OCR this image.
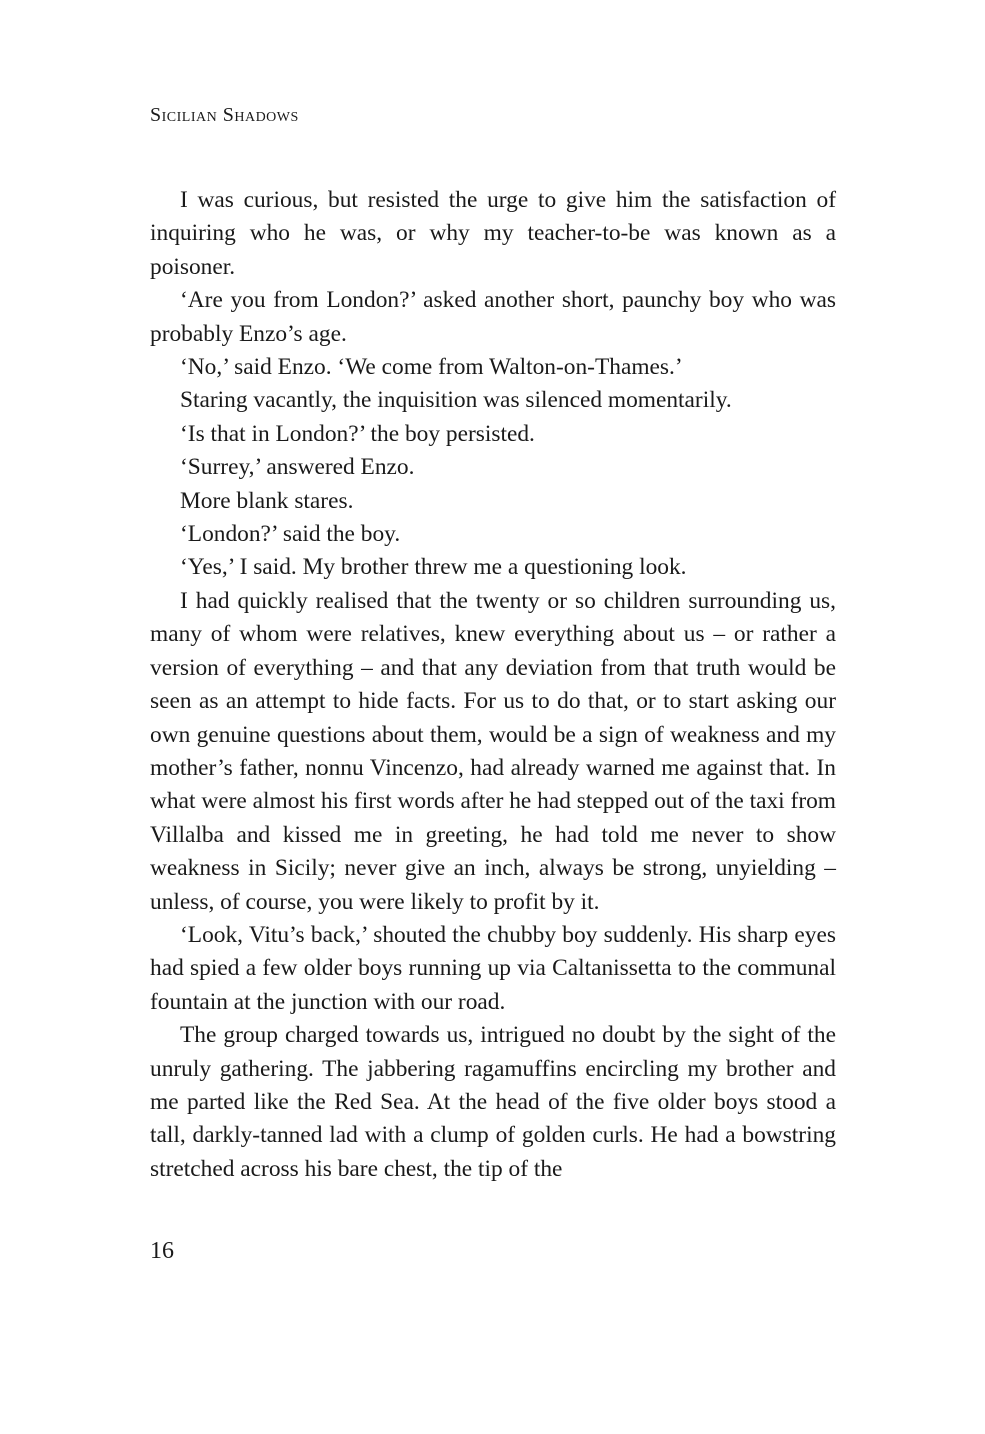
Sicilian Shadows

I was curious, but resisted the urge to give him the satisfaction of inquiring who he was, or why my teacher-to-be was known as a poisoner.

‘Are you from London?’ asked another short, paunchy boy who was probably Enzo’s age.

‘No,’ said Enzo. ‘We come from Walton-on-Thames.’

Staring vacantly, the inquisition was silenced momentarily.

‘Is that in London?’ the boy persisted.

‘Surrey,’ answered Enzo.

More blank stares.

‘London?’ said the boy.

‘Yes,’ I said. My brother threw me a questioning look.

I had quickly realised that the twenty or so children surrounding us, many of whom were relatives, knew everything about us – or rather a version of everything – and that any deviation from that truth would be seen as an attempt to hide facts. For us to do that, or to start asking our own genuine questions about them, would be a sign of weakness and my mother’s father, nonnu Vincenzo, had already warned me against that. In what were almost his first words after he had stepped out of the taxi from Villalba and kissed me in greeting, he had told me never to show weakness in Sicily; never give an inch, always be strong, unyielding – unless, of course, you were likely to profit by it.

‘Look, Vitu’s back,’ shouted the chubby boy suddenly. His sharp eyes had spied a few older boys running up via Caltanissetta to the communal fountain at the junction with our road.

The group charged towards us, intrigued no doubt by the sight of the unruly gathering. The jabbering ragamuffins encircling my brother and me parted like the Red Sea. At the head of the five older boys stood a tall, darkly-tanned lad with a clump of golden curls. He had a bowstring stretched across his bare chest, the tip of the

16
